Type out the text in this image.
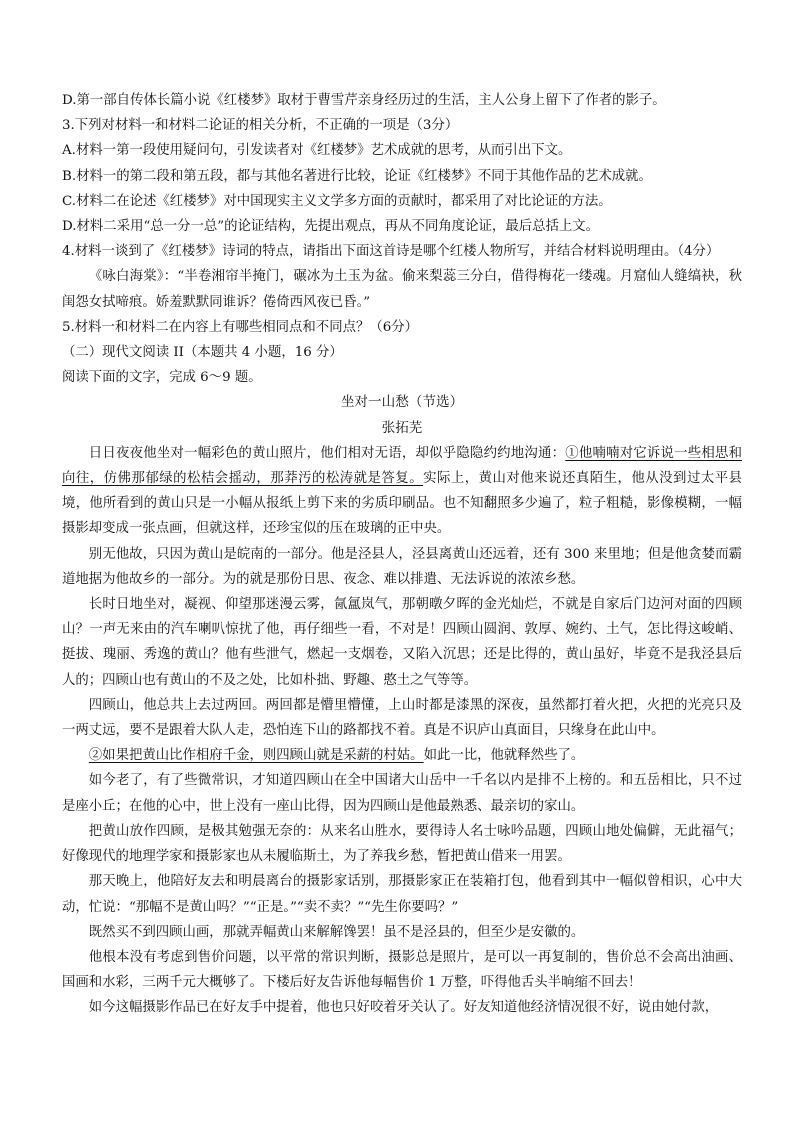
D.第一部自传体长篇小说《红楼梦》取材于曹雪芹亲身经历过的生活，主人公身上留下了作者的影子。

3.下列对材料一和材料二论证的相关分析，不正确的一项是（3分）

A.材料一第一段使用疑问句，引发读者对《红楼梦》艺术成就的思考，从而引出下文。

B.材料一的第二段和第五段，都与其他名著进行比较，论证《红楼梦》不同于其他作品的艺术成就。

C.材料二在论述《红楼梦》对中国现实主义文学多方面的贡献时，都采用了对比论证的方法。

D.材料二采用“总一分一总”的论证结构，先提出观点，再从不同角度论证，最后总括上文。

4.材料一谈到了《红楼梦》诗词的特点，请指出下面这首诗是哪个红楼人物所写，并结合材料说明理由。（4分）

《咏白海棠》：“半卷湘帘半掩门，碾冰为土玉为盆。偷来梨蕊三分白，借得梅花一缕魂。月窟仙人缝缟袂，秋闺怨女拭啼痕。娇羞默默同谁诉？倦倚西风夜已昏。”

5.材料一和材料二在内容上有哪些相同点和不同点？（6分）

（二）现代文阅读 II（本题共 4 小题，16 分）

阅读下面的文字，完成 6～9 题。

坐对一山愁（节选）

张拓芜

日日夜夜他坐对一幅彩色的黄山照片，他们相对无语，却似乎隐隐约约地沟通：①他喃喃对它诉说一些相思和向往，仿佛那郁绿的松桔会摇动，那莽汚的松涛就是答复。实际上，黄山对他来说还真陌生，他从没到过太平县境，他所看到的黄山只是一小幅从报纸上剪下来的劣质印刷品。也不知翻照多少遍了，粒子粗糙，影像模糊，一幅摄影却变成一张点画，但就这样，还珍宝似的压在玻璃的正中央。

别无他故，只因为黄山是皖南的一部分。他是泾县人，泾县离黄山还远着，还有 300 来里地；但是他贪婪而霸道地据为他故乡的一部分。为的就是那份日思、夜念、难以排遣、无法诉说的浓浓乡愁。

长时日地坐对，凝视、仰望那迷漫云雾，氤氲岚气，那朝暾夕晖的金光灿烂，不就是自家后门边河对面的四顾山？一声无来由的汽车喇叭惊扰了他，再仔细些一看，不对是！四顾山圆润、敦厚、婉约、土气，怎比得这峻峭、挺拔、瑰丽、秀逸的黄山？他有些泄气，燃起一支烟卷，又陷入沉思；还是比得的，黄山虽好，毕竟不是我泾县后人的；四顾山也有黄山的不及之处，比如朴拙、野趣、憨土之气等等。

四顾山，他总共上去过两回。两回都是懵里懵懂，上山时都是漆黑的深夜，虽然都打着火把，火把的光亮只及一两丈远，要不是跟着大队人走，恐怕连下山的路都找不着。真是不识庐山真面目，只缘身在此山中。

②如果把黄山比作相府千金，则四顾山就是采薪的村姑。如此一比，他就释然些了。

如今老了，有了些微常识，才知道四顾山在全中国诸大山岳中一千名以内是排不上榜的。和五岳相比，只不过是座小丘；在他的心中，世上没有一座山比得，因为四顾山是他最熟悉、最亲切的家山。

把黄山放作四顾，是极其勉强无奈的：从来名山胜水，要得诗人名士咏吟品题，四顾山地处偏僻，无此福气；好像现代的地理学家和摄影家也从未履临斯土，为了养我乡愁，暂把黄山借来一用罢。

那天晚上，他陪好友去和明晨离台的摄影家话别，那摄影家正在装箱打包，他看到其中一幅似曾相识，心中大动，忙说：“那幅不是黄山吗？”“正是。”“卖不卖？”“先生你要吗？”

既然买不到四顾山画，那就弄幅黄山来解解馋罢！虽不是泾县的，但至少是安徽的。

他根本没有考虑到售价问题，以平常的常识判断，摄影总是照片，是可以一再复制的，售价总不会高出油画、国画和水彩，三两千元大概够了。下楼后好友告诉他每幅售价 1 万整，吓得他舌头半晌缩不回去！

如今这幅摄影作品已在好友手中提着，他也只好咬着牙关认了。好友知道他经济情况很不好，说由她付款，
